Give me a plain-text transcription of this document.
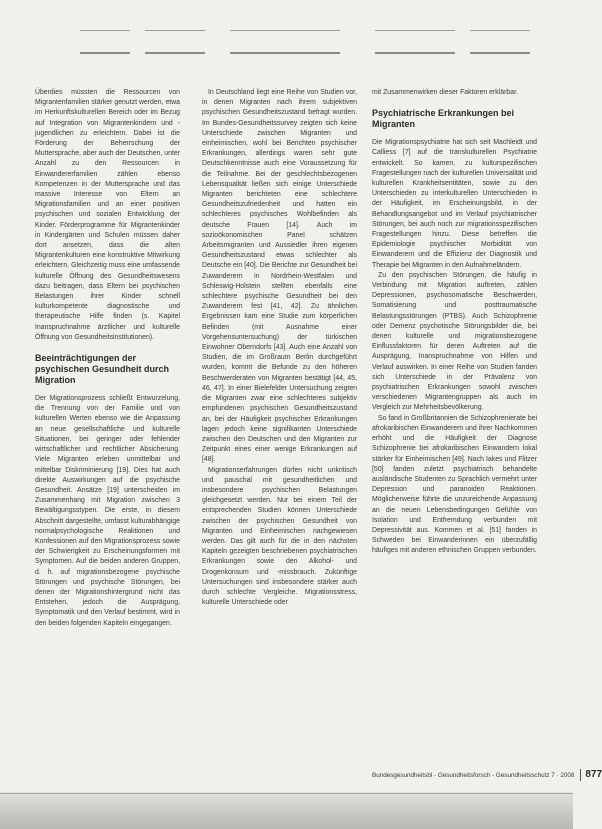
Überdies müssten die Ressourcen von Migrantenfamilien stärker genutzt werden, etwa im Herkunftskulturellen Bereich oder im Bezug auf Integration von Migrantenkindern und -jugendlichen zu erleichtern. Dabei ist die Förderung der Beherrschung der Muttersprache, aber auch der Deutschen, unter Anzahl zu den Ressourcen in Einwandererfamilien zählen ebenso Kompetenzen in der Muttersprache und das massive Interesse von Eltern an Migrationsfamilien und an einer positiven psychischen und sozialen Entwicklung der Kinder. Förderprogramme für Migrantenkinder in Kindergärten und Schulen müssen daher dort ansetzen, dass die alten Migrantenkulturen eine konstruktive Mitwirkung erleichtern. Gleichzeitig muss eine umfassende kulturelle Öffnung des Gesundheitswesens dazu beitragen, dass Eltern bei psychischen Belastungen ihrer Kinder schnell kulturkompetente diagnostische und therapeutische Hilfe finden (s. Kapitel Inanspruchnahme ärztlicher und kulturelle Öffnung von Gesundheitsinstitutionen).

Beeinträchtigungen der psychischen Gesundheit durch Migration

Der Migrationsprozess schließt Entwurzelung, die Trennung von der Familie und von kulturellen Werten ebenso wie die Anpassung an neue gesellschaftliche und kulturelle Situationen, bei geringer oder fehlender wirtschaftlicher und rechtlicher Absicherung. Viele Migranten erleben unmittelbar und mittelbar Diskriminierung [19]. Dies hat auch direkte Auswirkungen auf die psychische Gesundheit. Ansätze [19] unterscheiden im Zusammenhang mit Migration zwischen 3 Bewältigungsstypen. Die erste, in diesem Abschnitt dargestellte, umfasst kulturabhängige normalpsychologische Reaktionen und Konfessionen auf den Migrationsprozess sowie der Schwierigkeit zu Erscheinungsformen mit Symptomen. Auf die beiden anderen Gruppen, d. h. auf migrationsbezogene psychische Störungen und psychische Störungen, bei denen der Migrationshintergrund nicht das Entstehen, jedoch die Ausprägung, Symptomatik und den Verlauf bestimmt, wird in den beiden folgenden Kapiteln eingegangen.

In Deutschland liegt eine Reihe von Studien vor, in denen Migranten nach ihrem subjektiven psychischen Gesundheitszustand befragt wurden. Im Bundes-Gesundheitssurvey zeigten sich keine Unterschiede zwischen Migranten und einheimischen, wohl bei Berichten psychischer Erkrankungen, allerdings waren sehr gute Deutschkenntnisse auch eine Voraussetzung für die Teilnahme. Bei der geschlechtsbezogenen Lebensqualität ließen sich einige Unterschiede Migranten berichteten eine schlechtere Gesundheitszufriedenheit und hatten ein schlechteres psychisches Wohlbefinden als deutsche Frauen [14]. Auch im sozioökonomischen Panel schätzen Arbeitsmigranten und Aussiedler ihren eigenen Gesundheitszustand etwas schlechter als Deutsche ein [40]. Die Berichte zur Gesundheit bei Zuwanderern in Nordrhein-Westfalen und Schleswig-Holstein stellten ebenfalls eine schlechtere psychische Gesundheit bei den Zuwanderern fest [41, 42]. Zu ähnlichen Ergebnissen kam eine Studie zum körperlichen Befinden (mit Ausnahme einer Vorgehensuntersuchung) der türkischen Einwohner Oberndorfs [43]. Auch eine Anzahl von Studien, die im Großraum Berlin durchgeführt wurden, kommt die Befunde zu den höheren Beschwerderaten von Migranten bestätigt [44, 45, 46, 47]. In einer Bielefelder Untersuchung zeigten die Migranten zwar eine schlechteres subjektiv empfundenen psychischen Gesundheitszustand an, bei der Häufigkeit psychischer Erkrankungen lagen jedoch keine signifikanten Unterschiede zwischen den Deutschen und den Migranten zur Zeitpunkt eines einer wenige Erkrankungen auf [48].

Migrationserfahrungen dürfen nicht unkritisch und pauschal mit gesundheitlichen und insbesondere psychischen Belastungen gleichgesetzt werden. Nur bei einem Teil der entsprechenden Studien können Unterschiede zwischen der psychischen Gesundheit von Migranten und Einheimischen nachgewiesen werden. Das gilt auch für die in den nächsten Kapiteln gezeigten beschriebenen psychiatrischen Erkrankungen sowie den Alkohol- und Drogenkonsum und -missbrauch. Zukünftige Untersuchungen sind insbesondere stärker auch durch schlechte Vergleiche. Migrationsstress, kulturelle Unterschiede oder

mit Zusammenwirken dieser Faktoren erklärbar.

Psychiatrische Erkrankungen bei Migranten

Die Migrationspsychiatrie hat sich seit Machleidt und Calliess [7] auf die transkulturellen Psychiatrie entwickelt. So kamen, zu kulturspezifischen Fragestellungen nach der kulturellen Universalität und kulturellen Krankheitsentitäten, sowie zu den Unterschieden zu interkulturellen Unterschieden in der Häufigkeit, im Erscheinungsbild, in der Behandlungsangebot und im Verlauf psychiatrischer Störungen, bei auch noch zur migrationsspezifischen Fragestellungen hinzu. Diese betreffen die Epidemiologie psychischer Morbidität von Einwanderern und die Effizienz der Diagnostik und Therapie bei Migranten in den Aufnahmeländern.

Zu den psychischen Störungen, die häufig in Verbindung mit Migration auftreten, zählen Depressionen, psychosomatische Beschwerden, Somatisierung und posttraumatische Belastungsstörungen (PTBS). Auch Schizophrenie oder Demenz psychotische Störungsbilder die, bei denen kulturelle und migrationsbezogene Einflussfaktoren für deren Auftreten auf die Ausprägung, Inanspruchnahme von Hilfen und Verlauf auswirken. In einer Reihe von Studien fanden sich Unterschiede in der Prävalenz von psychiatrischen Erkrankungen sowohl zwischen verschiedenen Migrantengruppen als auch im Vergleich zur Mehrheitsbevölkerung.

So fand in Großbritannien die Schizophrenierate bei afrokaribischen Einwanderern und ihrer Nachkommen erhöht und die Häufigkeit der Diagnose Schizophrenie bei afrokaribischen Einwandern lokal stärker für Einheimischen [49]. Nach Iakes und Flitzer [50] fanden zuletzt psychiatrisch behandelte ausländische Studenten zu Sprachlich vermehrt unter Depression und paranoiden Reaktionen. Möglicherweise führte die unzureichende Anpassung an die neuen Lebensbedingungen Gefühle von Isolation und Entfremdung verbunden mit Depressivität aus. Kommen et al. [51] fanden in Schweden bei Einwanderinnen ein überzufällig häufiges mit anderen ethnischen Gruppen verbunden.

Bundesgesundheitsbl - Gesundheitsforsch - Gesundheitsschutz 7 · 2008 877
